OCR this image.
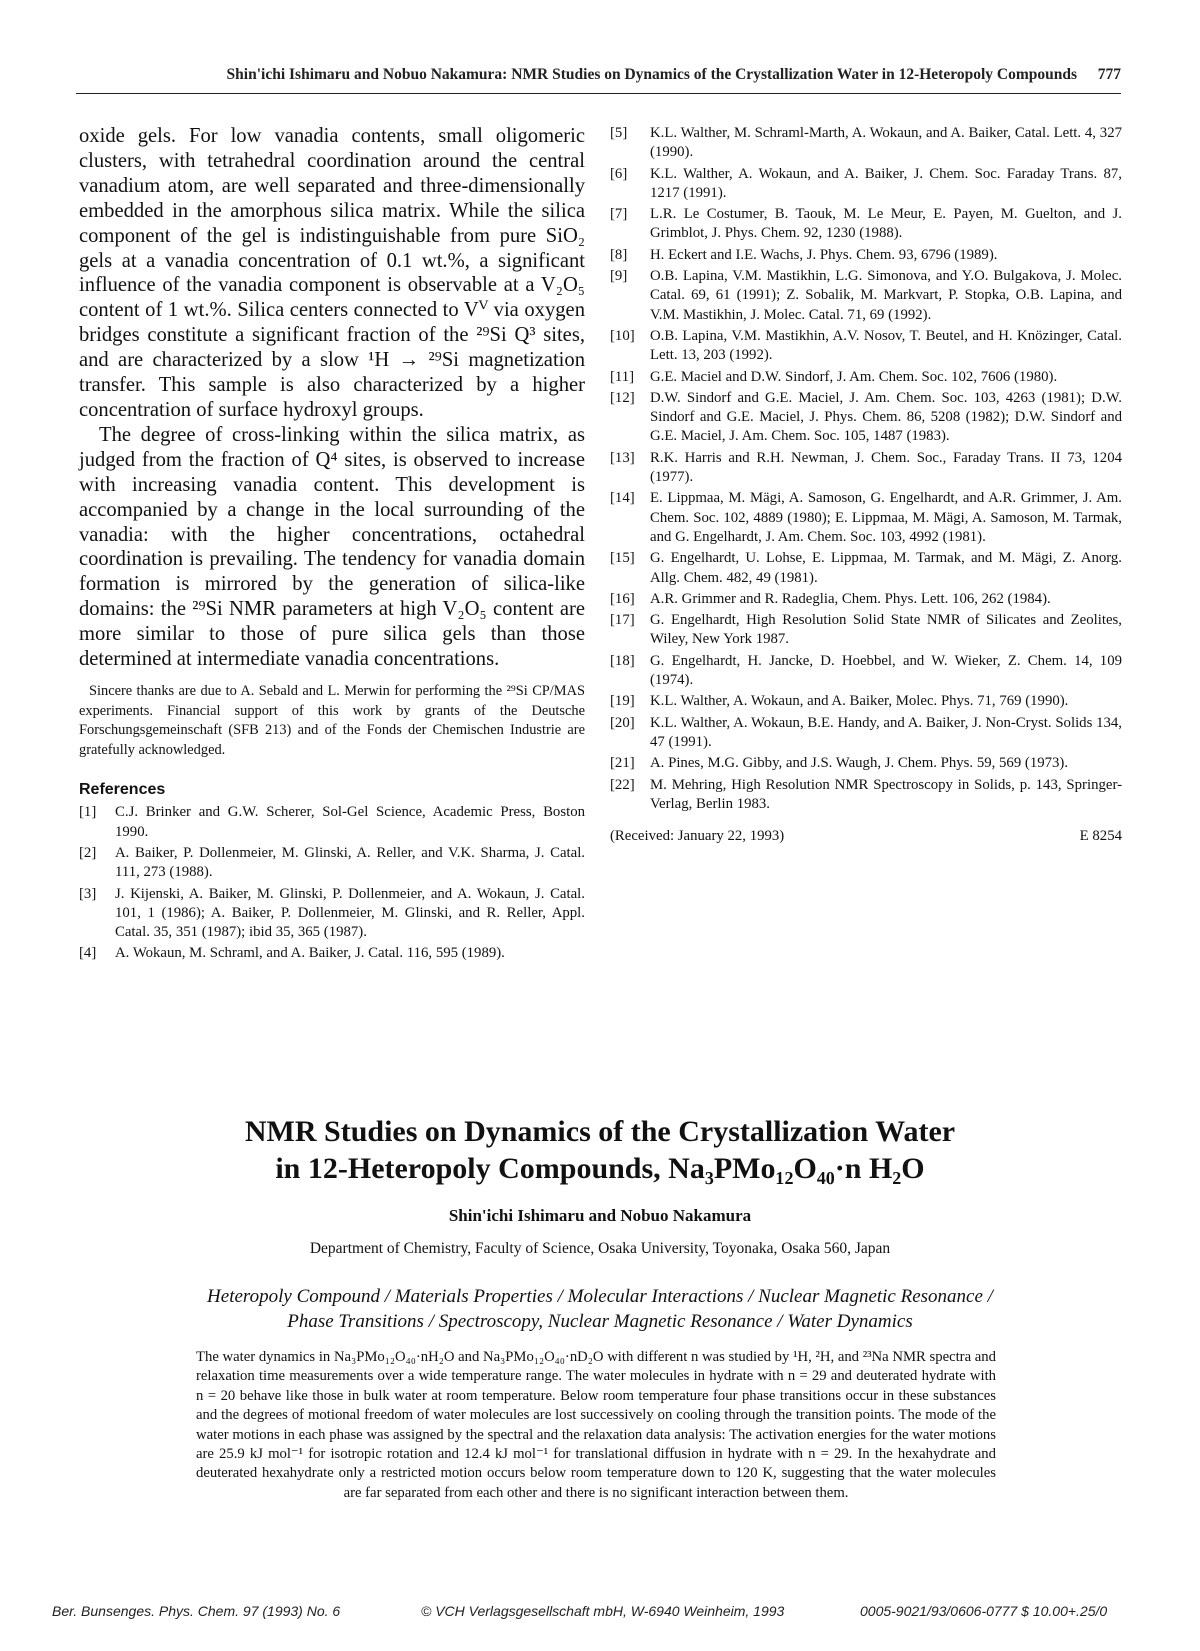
Shin'ichi Ishimaru and Nobuo Nakamura: NMR Studies on Dynamics of the Crystallization Water in 12-Heteropoly Compounds 777

oxide gels. For low vanadia contents, small oligomeric clusters, with tetrahedral coordination around the central vanadium atom, are well separated and three-dimensionally embedded in the amorphous silica matrix. While the silica component of the gel is indistinguishable from pure SiO₂ gels at a vanadia concentration of 0.1 wt.%, a significant influence of the vanadia component is observable at a V₂O₅ content of 1 wt.%. Silica centers connected to Vⱽ via oxygen bridges constitute a significant fraction of the ²⁹Si Q³ sites, and are characterized by a slow ¹H → ²⁹Si magnetization transfer. This sample is also characterized by a higher concentration of surface hydroxyl groups.

The degree of cross-linking within the silica matrix, as judged from the fraction of Q⁴ sites, is observed to increase with increasing vanadia content. This development is accompanied by a change in the local surrounding of the vanadia: with the higher concentrations, octahedral coordination is prevailing. The tendency for vanadia domain formation is mirrored by the generation of silica-like domains: the ²⁹Si NMR parameters at high V₂O₅ content are more similar to those of pure silica gels than those determined at intermediate vanadia concentrations.

Sincere thanks are due to A. Sebald and L. Merwin for performing the ²⁹Si CP/MAS experiments. Financial support of this work by grants of the Deutsche Forschungsgemeinschaft (SFB 213) and of the Fonds der Chemischen Industrie are gratefully acknowledged.

References
[1]	C.J. Brinker and G.W. Scherer, Sol-Gel Science, Academic Press, Boston 1990.
[2]	A. Baiker, P. Dollenmeier, M. Glinski, A. Reller, and V.K. Sharma, J. Catal. 111, 273 (1988).
[3]	J. Kijenski, A. Baiker, M. Glinski, P. Dollenmeier, and A. Wokaun, J. Catal. 101, 1 (1986); A. Baiker, P. Dollenmeier, M. Glinski, and R. Reller, Appl. Catal. 35, 351 (1987); ibid 35, 365 (1987).
[4]	A. Wokaun, M. Schraml, and A. Baiker, J. Catal. 116, 595 (1989).
[5]	K.L. Walther, M. Schraml-Marth, A. Wokaun, and A. Baiker, Catal. Lett. 4, 327 (1990).
[6]	K.L. Walther, A. Wokaun, and A. Baiker, J. Chem. Soc. Faraday Trans. 87, 1217 (1991).
[7]	L.R. Le Costumer, B. Taouk, M. Le Meur, E. Payen, M. Guelton, and J. Grimblot, J. Phys. Chem. 92, 1230 (1988).
[8]	H. Eckert and I.E. Wachs, J. Phys. Chem. 93, 6796 (1989).
[9]	O.B. Lapina, V.M. Mastikhin, L.G. Simonova, and Y.O. Bulgakova, J. Molec. Catal. 69, 61 (1991); Z. Sobalik, M. Markvart, P. Stopka, O.B. Lapina, and V.M. Mastikhin, J. Molec. Catal. 71, 69 (1992).
[10]	O.B. Lapina, V.M. Mastikhin, A.V. Nosov, T. Beutel, and H. Knözinger, Catal. Lett. 13, 203 (1992).
[11]	G.E. Maciel and D.W. Sindorf, J. Am. Chem. Soc. 102, 7606 (1980).
[12]	D.W. Sindorf and G.E. Maciel, J. Am. Chem. Soc. 103, 4263 (1981); D.W. Sindorf and G.E. Maciel, J. Phys. Chem. 86, 5208 (1982); D.W. Sindorf and G.E. Maciel, J. Am. Chem. Soc. 105, 1487 (1983).
[13]	R.K. Harris and R.H. Newman, J. Chem. Soc., Faraday Trans. II 73, 1204 (1977).
[14]	E. Lippmaa, M. Mägi, A. Samoson, G. Engelhardt, and A.R. Grimmer, J. Am. Chem. Soc. 102, 4889 (1980); E. Lippmaa, M. Mägi, A. Samoson, M. Tarmak, and G. Engelhardt, J. Am. Chem. Soc. 103, 4992 (1981).
[15]	G. Engelhardt, U. Lohse, E. Lippmaa, M. Tarmak, and M. Mägi, Z. Anorg. Allg. Chem. 482, 49 (1981).
[16]	A.R. Grimmer and R. Radeglia, Chem. Phys. Lett. 106, 262 (1984).
[17]	G. Engelhardt, High Resolution Solid State NMR of Silicates and Zeolites, Wiley, New York 1987.
[18]	G. Engelhardt, H. Jancke, D. Hoebbel, and W. Wieker, Z. Chem. 14, 109 (1974).
[19]	K.L. Walther, A. Wokaun, and A. Baiker, Molec. Phys. 71, 769 (1990).
[20]	K.L. Walther, A. Wokaun, B.E. Handy, and A. Baiker, J. Non-Cryst. Solids 134, 47 (1991).
[21]	A. Pines, M.G. Gibby, and J.S. Waugh, J. Chem. Phys. 59, 569 (1973).
[22]	M. Mehring, High Resolution NMR Spectroscopy in Solids, p. 143, Springer-Verlag, Berlin 1983.
(Received: January 22, 1993)	E 8254
NMR Studies on Dynamics of the Crystallization Water
in 12-Heteropoly Compounds, Na₃PMo₁₂O₄₀·n H₂O
Shin'ichi Ishimaru and Nobuo Nakamura
Department of Chemistry, Faculty of Science, Osaka University, Toyonaka, Osaka 560, Japan
Heteropoly Compound / Materials Properties / Molecular Interactions / Nuclear Magnetic Resonance /
Phase Transitions / Spectroscopy, Nuclear Magnetic Resonance / Water Dynamics
The water dynamics in Na₃PMo₁₂O₄₀·nH₂O and Na₃PMo₁₂O₄₀·nD₂O with different n was studied by ¹H, ²H, and ²³Na NMR spectra and relaxation time measurements over a wide temperature range. The water molecules in hydrate with n = 29 and deuterated hydrate with n = 20 behave like those in bulk water at room temperature. Below room temperature four phase transitions occur in these substances and the degrees of motional freedom of water molecules are lost successively on cooling through the transition points. The mode of the water motions in each phase was assigned by the spectral and the relaxation data analysis: The activation energies for the water motions are 25.9 kJ mol⁻¹ for isotropic rotation and 12.4 kJ mol⁻¹ for translational diffusion in hydrate with n = 29. In the hexahydrate and deuterated hexahydrate only a restricted motion occurs below room temperature down to 120 K, suggesting that the water molecules are far separated from each other and there is no significant interaction between them.
Ber. Bunsenges. Phys. Chem. 97 (1993) No. 6	© VCH Verlagsgesellschaft mbH, W-6940 Weinheim, 1993	0005-9021/93/0606-0777 $ 10.00+.25/0
